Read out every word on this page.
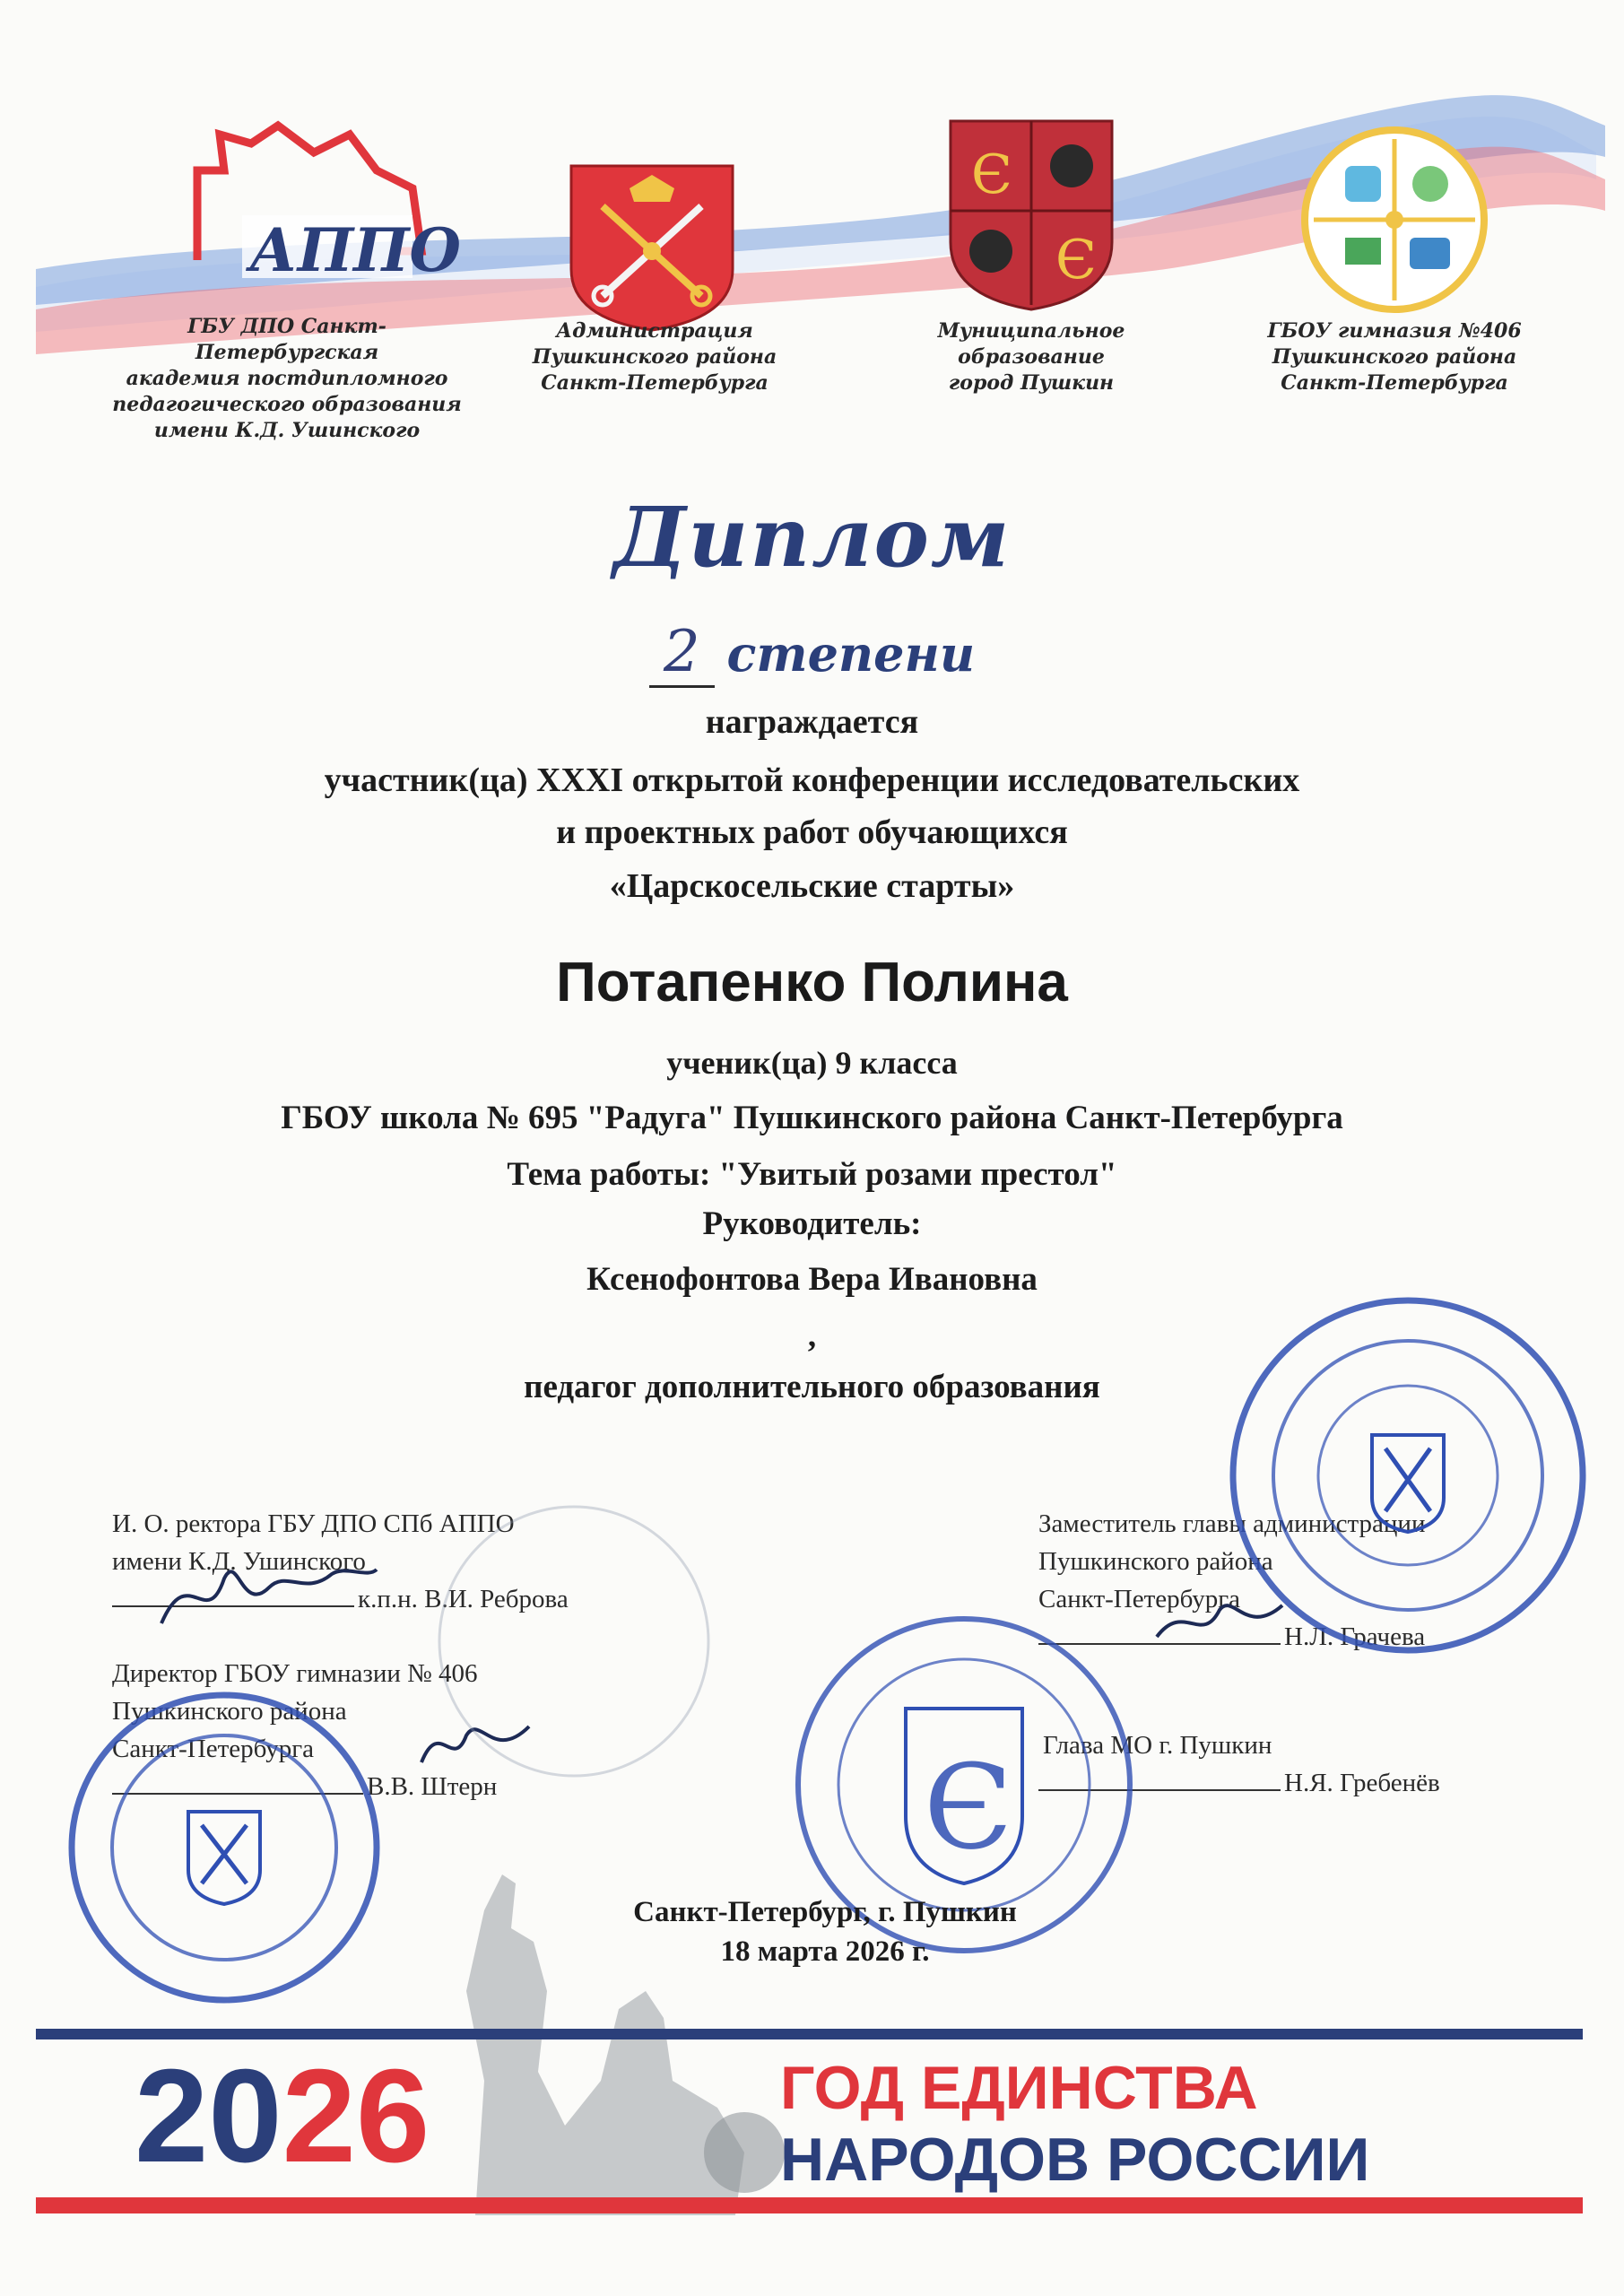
АППО
ГБУ ДПО Санкт-Петербургская
академия постдипломного
педагогического образования
имени К.Д. Ушинского
Администрация
Пушкинского района
Санкт-Петербурга
Є
Є
Муниципальное
образование
город Пушкин
ГБОУ гимназия №406
Пушкинского района
Санкт-Петербурга
Диплом
2 степени
награждается
участник(ца) XXXI открытой конференции исследовательских
и проектных работ обучающихся
«Царскосельские старты»
Потапенко Полина
ученик(ца) 9 класса
ГБОУ школа № 695 "Радуга" Пушкинского района Санкт-Петербурга
Тема работы: "Увитый розами престол"
Руководитель:
Ксенофонтова Вера Ивановна
,
педагог дополнительного образования
И. О. ректора ГБУ ДПО СПб АППО
имени К.Д. Ушинского
к.п.н. В.И. Реброва
Директор ГБОУ гимназии № 406
Пушкинского района
Санкт-Петербурга
В.В. Штерн
Заместитель главы администрации
Пушкинского района
Санкт-Петербурга
Н.Л. Грачева
Глава МО г. Пушкин
Н.Я. Гребенёв
Є
Санкт-Петербург, г. Пушкин
18 марта 2026 г.
2026	ГОД ЕДИНСТВА
НАРОДОВ РОССИИ
